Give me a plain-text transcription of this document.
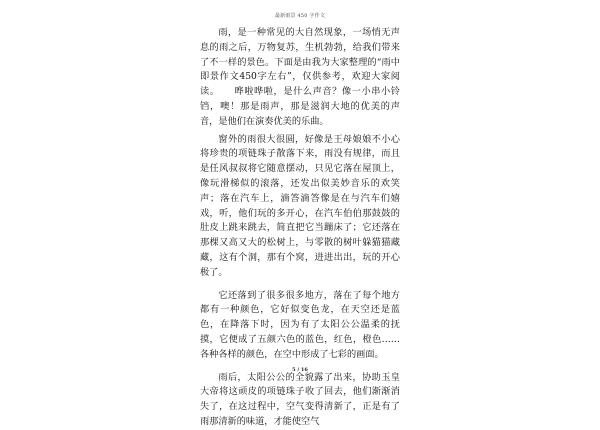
最新雨景 450 字作文

雨，是一种常见的大自然现象，一场悄无声息的雨之后，万物复苏，生机勃勃，给我们带来了不一样的景色。下面是由我为大家整理的“雨中即景作文450字左右”，仅供参考，欢迎大家阅读。　　哗啦哗啦，是什么声音？像一小串小铃铛，噢！那是雨声，那是滋润大地的优美的声音，是他们在演奏优美的乐曲。

窗外的雨很大很圆，好像是王母娘娘不小心将珍贵的项链珠子散落下来，雨没有规律，而且是任风叔叔将它随意摆动，只见它落在屋顶上，像玩滑梯似的滚落，还发出似美妙音乐的欢笑声；落在汽车上，滴答滴答像是在与汽车们嬉戏，听，他们玩的多开心，在汽车伯伯那鼓鼓的肚皮上跳来跳去，简直把它当蹦床了；它还落在那棵又高又大的松树上，与零散的树叶躲猫猫藏藏，这有个洞，那有个窝，进进出出，玩的开心极了。

它还落到了很多很多地方，落在了每个地方都有一种颜色，它好似变色龙，在天空还是蓝色，在降落下时，因为有了太阳公公温柔的抚摸，它便成了五颜六色的蓝色，红色，橙色……各种各样的颜色，在空中形成了七彩的画面。

雨后，太阳公公的全貌露了出来，协助玉皇大帝将这顽皮的项链珠子收了回去，他们渐渐消失了，在这过程中，空气变得清新了，正是有了雨那清新的味道，才能使空气

5 / 16
